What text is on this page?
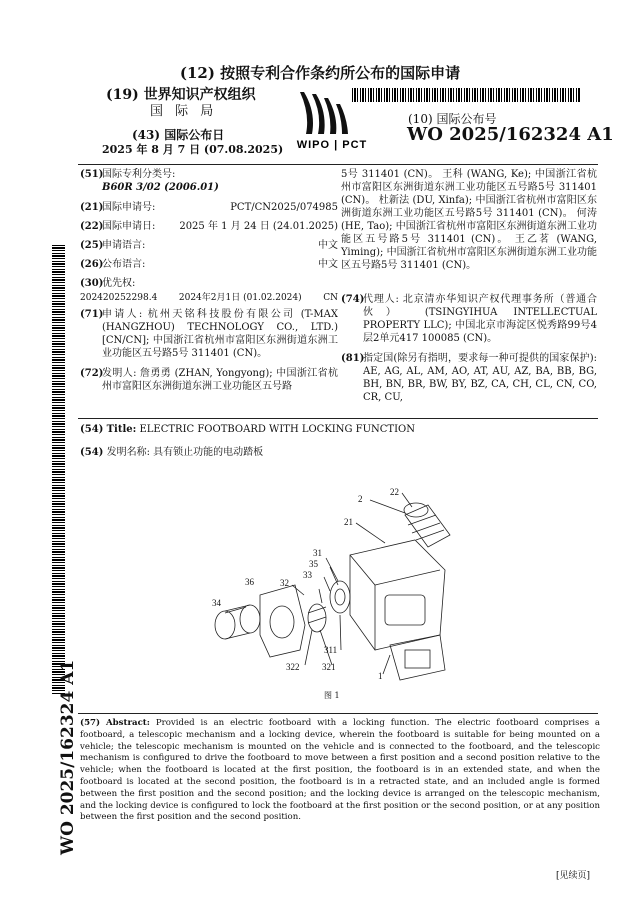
(12) 按照专利合作条约所公布的国际申请
(19) 世界知识产权组织
国 际 局
WIPO | PCT
(10) 国际公布号
WO 2025/162324 A1
(43) 国际公布日
2025 年 8 月 7 日 (07.08.2025)
(51)国际专利分类号:
B60R 3/02 (2006.01)
(21)国际申请号:	PCT/CN2025/074985
(22)国际申请日: 2025 年 1 月 24 日 (24.01.2025)
(25)申请语言:	中文
(26)公布语言:	中文
(30)优先权:
202420252298.4 2024年2月1日 (01.02.2024) CN
(71)
申请人: 杭州天铭科技股份有限公司 (T-MAX (HANGZHOU) TECHNOLOGY CO., LTD.) [CN/CN]; 中国浙江省杭州市富阳区东洲街道东洲工业功能区五号路5号 311401 (CN)。
(72)
发明人: 詹勇勇 (ZHAN, Yongyong); 中国浙江省杭州市富阳区东洲街道东洲工业功能区五号路
5号 311401 (CN)。 王科 (WANG, Ke); 中国浙江省杭州市富阳区东洲街道东洲工业功能区五号路5号 311401 (CN)。 杜新法 (DU, Xinfa); 中国浙江省杭州市富阳区东洲街道东洲工业功能区五号路5号 311401 (CN)。 何涛 (HE, Tao); 中国浙江省杭州市富阳区东洲街道东洲工业功能区五号路5号 311401 (CN)。 王乙茗 (WANG, Yiming); 中国浙江省杭州市富阳区东洲街道东洲工业功能区五号路5号 311401 (CN)。
(74)
代理人: 北京清亦华知识产权代理事务所（普通合伙） (TSINGYIHUA INTELLECTUAL PROPERTY LLC); 中国北京市海淀区悦秀路99号4层2单元417 100085 (CN)。
(81)
指定国(除另有指明，要求每一种可提供的国家保护): AE, AG, AL, AM, AO, AT, AU, AZ, BA, BB, BG, BH, BN, BR, BW, BY, BZ, CA, CH, CL, CN, CO, CR, CU,
(54) Title: ELECTRIC FOOTBOARD WITH LOCKING FUNCTION
(54) 发明名称: 具有锁止功能的电动踏板
WO 2025/162324 A1
2
22
21
31
35
33
36	32
34
311
322	321
1
图 1
(57) Abstract: Provided is an electric footboard with a locking function. The electric footboard comprises a footboard, a telescopic mechanism and a locking device, wherein the footboard is suitable for being mounted on a vehicle; the telescopic mechanism is mounted on the vehicle and is connected to the footboard, and the telescopic mechanism is configured to drive the footboard to move between a first position and a second position relative to the vehicle; when the footboard is located at the first position, the footboard is in an extended state, and when the footboard is located at the second position, the footboard is in a retracted state, and an included angle is formed between the first position and the second position; and the locking device is arranged on the telescopic mechanism, and the locking device is configured to lock the footboard at the first position or the second position, or at any position between the first position and the second position.
[见续页]
